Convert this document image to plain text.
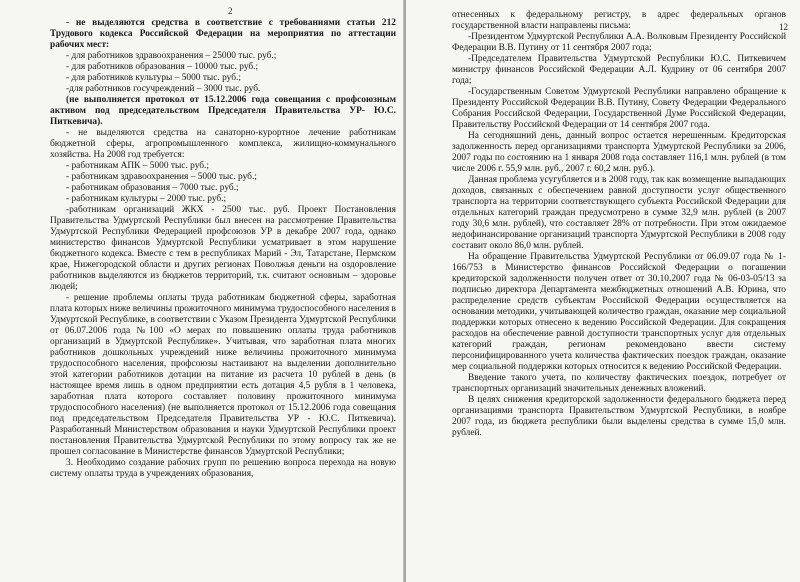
2

- не выделяются средства в соответствие с требованиями статьи 212 Трудового кодекса Российской Федерации на мероприятия по аттестации рабочих мест:

- для работников здравоохранения – 25000 тыс. руб.;

- для работников образования – 10000 тыс. руб.;

- для работников культуры – 5000 тыс. руб.;

-для работников госучреждений – 3000 тыс. руб.

(не выполняется протокол от 15.12.2006 года совещания с профсоюзным активом под председательством Председателя Правительства УР- Ю.С. Питкевича).

- не выделяются средства на санаторно-курортное лечение работникам бюджетной сферы, агропромышленного комплекса, жилищно-коммунального хозяйства. На 2008 год требуется:

- работникам АПК – 5000 тыс. руб.;

- работникам здравоохранения – 5000 тыс. руб.;

- работникам образования – 7000 тыс. руб.;

- работникам культуры – 2000 тыс. руб.;

-работникам организаций ЖКХ - 2500 тыс. руб. Проект Постановления Правительства Удмуртской Республики был внесен на рассмотрение Правительства Удмуртской Республики Федерацией профсоюзов УР в декабре 2007 года, однако министерство финансов Удмуртской Республики усматривает в этом нарушение бюджетного кодекса. Вместе с тем в республиках Марий - Эл, Татарстане, Пермском крае, Нижегородской области и других регионах Поволжья деньги на оздоровление работников выделяются из бюджетов территорий, т.к. считают основным – здоровье людей;

- решение проблемы оплаты труда работникам бюджетной сферы, заработная плата которых ниже величины прожиточного минимума трудоспособного населения в Удмуртской Республике, в соответствии с Указом Президента Удмуртской Республики от 06.07.2006 года №100 «О мерах по повышению оплаты труда работников организаций в Удмуртской Республике». Учитывая, что заработная плата многих работников дошкольных учреждений ниже величины прожиточного минимума трудоспособного населения, профсоюзы настаивают на выделении дополнительно этой категории работников дотации на питание из расчета 10 рублей в день (в настоящее время лишь в одном предприятии есть дотация 4,5 рубля в 1 человека, заработная плата которого составляет половину прожиточного минимума трудоспособного населения) (не выполняется протокол от 15.12.2006 года совещания под председательством Председателя Правительства УР - Ю.С. Питкевича). Разработанный Министерством образования и науки Удмуртской Республики проект постановления Правительства Удмуртской Республики по этому вопросу так же не прошел согласование в Министерстве финансов Удмуртской Республики;

3. Необходимо создание рабочих групп по решению вопроса перехода на новую систему оплаты труда в учреждениях образования,

12

отнесенных к федеральному регистру, в адрес федеральных органов государственной власти направлены письма:

-Президентом Удмуртской Республики А.А. Волковым Президенту Российской Федерации В.В. Путину от 11 сентября 2007 года;

-Председателем Правительства Удмуртской Республики Ю.С. Питкевичем министру финансов Российской Федерации А.Л. Кудрину от 06 сентября 2007 года;

-Государственным Советом Удмуртской Республики направлено обращение к Президенту Российской Федерации В.В. Путину, Совету Федерации Федерального Собрания Российской Федерации, Государственной Думе Российской Федерации, Правительству Российской Федерации от 14 сентября 2007 года.

На сегодняшний день, данный вопрос остается нерешенным. Кредиторская задолженность перед организациями транспорта Удмуртской Республики за 2006, 2007 годы по состоянию на 1 января 2008 года составляет 116,1 млн. рублей (в том числе 2006 г. 55,9 млн. руб., 2007 г. 60,2 млн. руб.).

Данная проблема усугубляется и в 2008 году, так как возмещение выпадающих доходов, связанных с обеспечением равной доступности услуг общественного транспорта на территории соответствующего субъекта Российской Федерации для отдельных категорий граждан предусмотрено в сумме 32,9 млн. рублей (в 2007 году 30,6 млн. рублей), что составляет 28% от потребности. При этом ожидаемое недофинансирование организаций транспорта Удмуртской Республики в 2008 году составит около 86,0 млн. рублей.

На обращение Правительства Удмуртской Республики от 06.09.07 года № 1-166/753 в Министерство финансов Российской Федерации о погашении кредиторской задолженности получен ответ от 30.10.2007 года № 06-03-05/13 за подписью директора Департамента межбюджетных отношений А.В. Юрина, что распределение средств субъектам Российской Федерации осуществляется на основании методики, учитывающей количество граждан, оказание мер социальной поддержки которых отнесено к ведению Российской Федерации. Для сокращения расходов на обеспечение равной доступности транспортных услуг для отдельных категорий граждан, регионам рекомендовано ввести систему персонифицированного учета количества фактических поездок граждан, оказание мер социальной поддержки которых относится к ведению Российской Федерации.

Введение такого учета, по количеству фактических поездок, потребует от транспортных организаций значительных денежных вложений.

В целях снижения кредиторской задолженности федерального бюджета перед организациями транспорта Правительством Удмуртской Республики, в ноябре 2007 года, из бюджета республики были выделены средства в сумме 15,0 млн. рублей.
